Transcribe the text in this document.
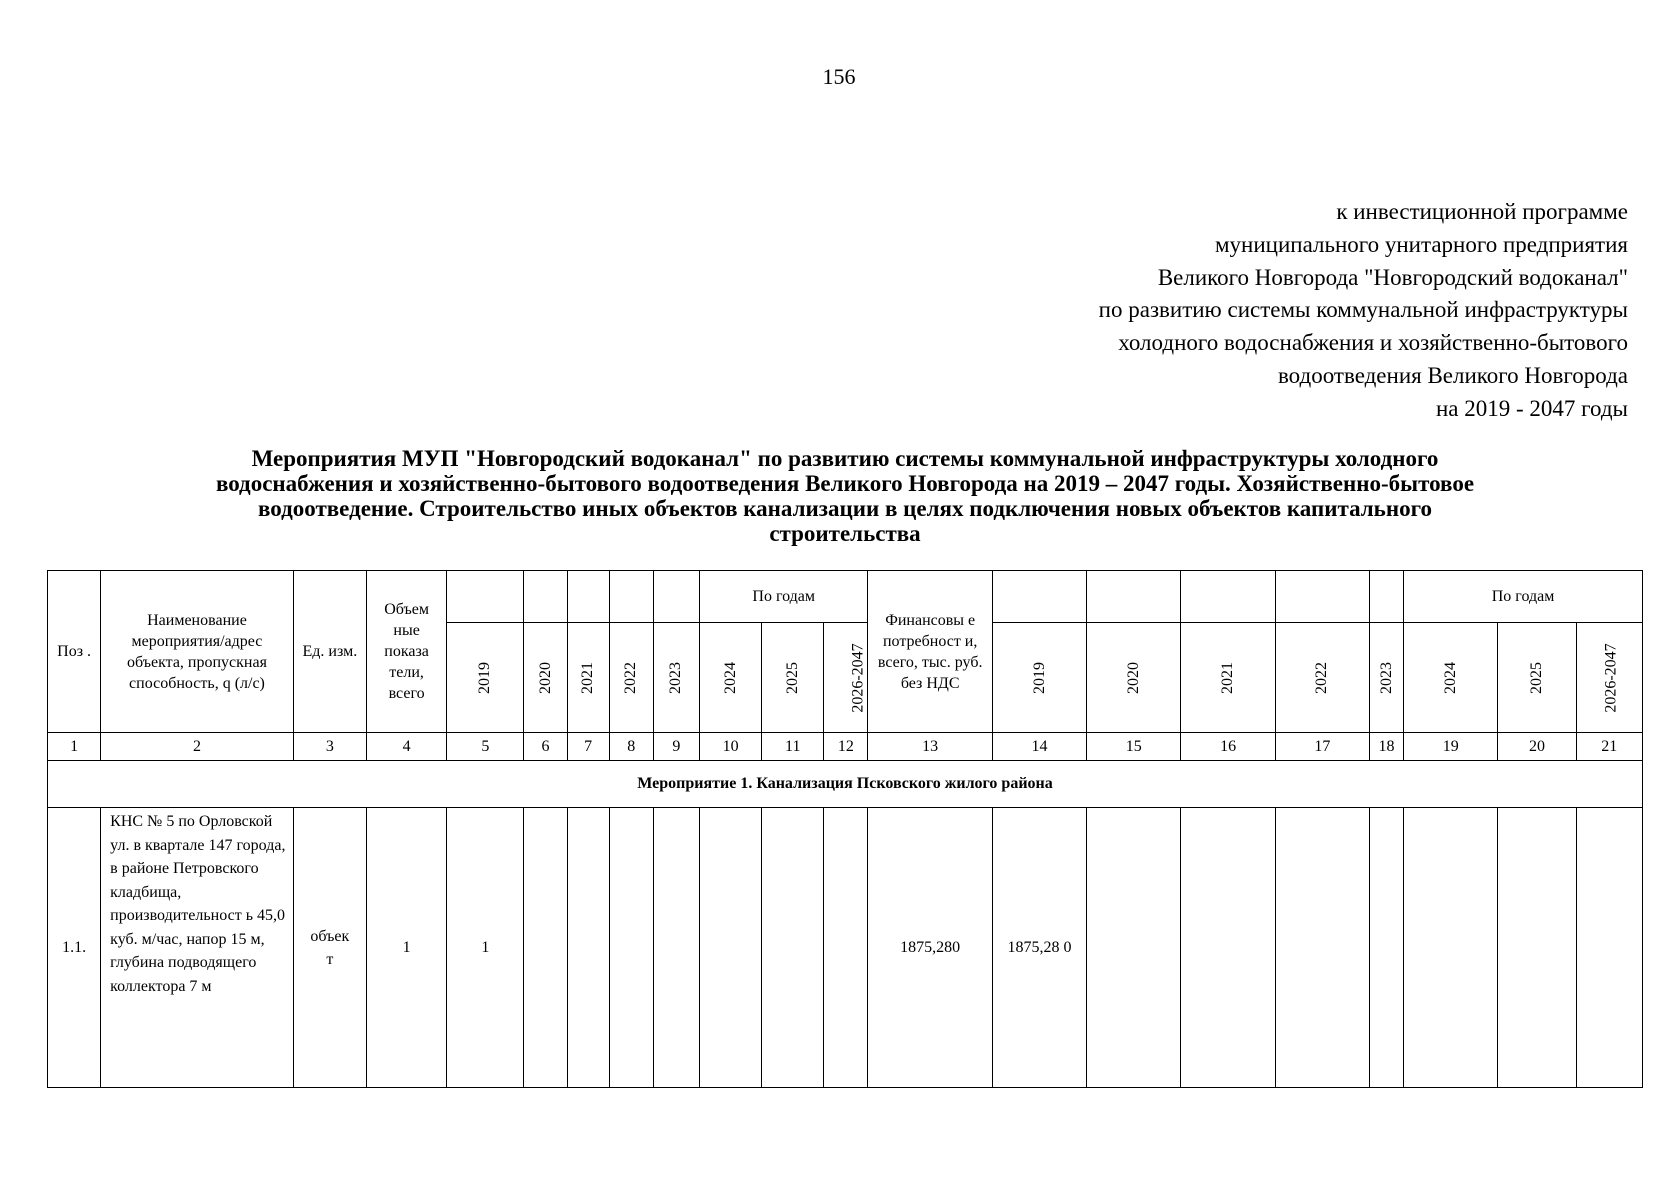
156
к инвестиционной программе
муниципального унитарного предприятия
Великого Новгорода "Новгородский водоканал"
по развитию системы коммунальной инфраструктуры
холодного водоснабжения и хозяйственно-бытового
водоотведения Великого Новгорода
на 2019 - 2047 годы
Мероприятия МУП "Новгородский водоканал" по развитию системы коммунальной инфраструктуры холодного
водоснабжения и хозяйственно-бытового водоотведения Великого Новгорода на 2019 – 2047 годы. Хозяйственно-бытовое
водоотведение. Строительство иных объектов канализации в целях подключения новых объектов капитального
строительства
Поз .	Наименование мероприятия/адрес объекта, пропускная способность, q (л/с)	Ед. изм.	Объем ные показа тели, всего						По годам			Финансовы е потребност и, всего, тыс. руб. без НДС						По годам		
				2019	2020	2021	2022	2023	2024	2025	2026-2047		2019	2020	2021	2022	2023	2024	2025	2026-2047
1	2	3	4	5	6	7	8	9	10	11	12	13	14	15	16	17	18	19	20	21
Мероприятие 1. Канализация Псковского жилого района																				
1.1.	КНС № 5 по Орловской ул. в квартале 147 города, в районе Петровского кладбища, производительност ь 45,0 куб. м/час, напор 15 м, глубина подводящего коллектора 7 м	объек т	1	1								1875,280	1875,28 0							
